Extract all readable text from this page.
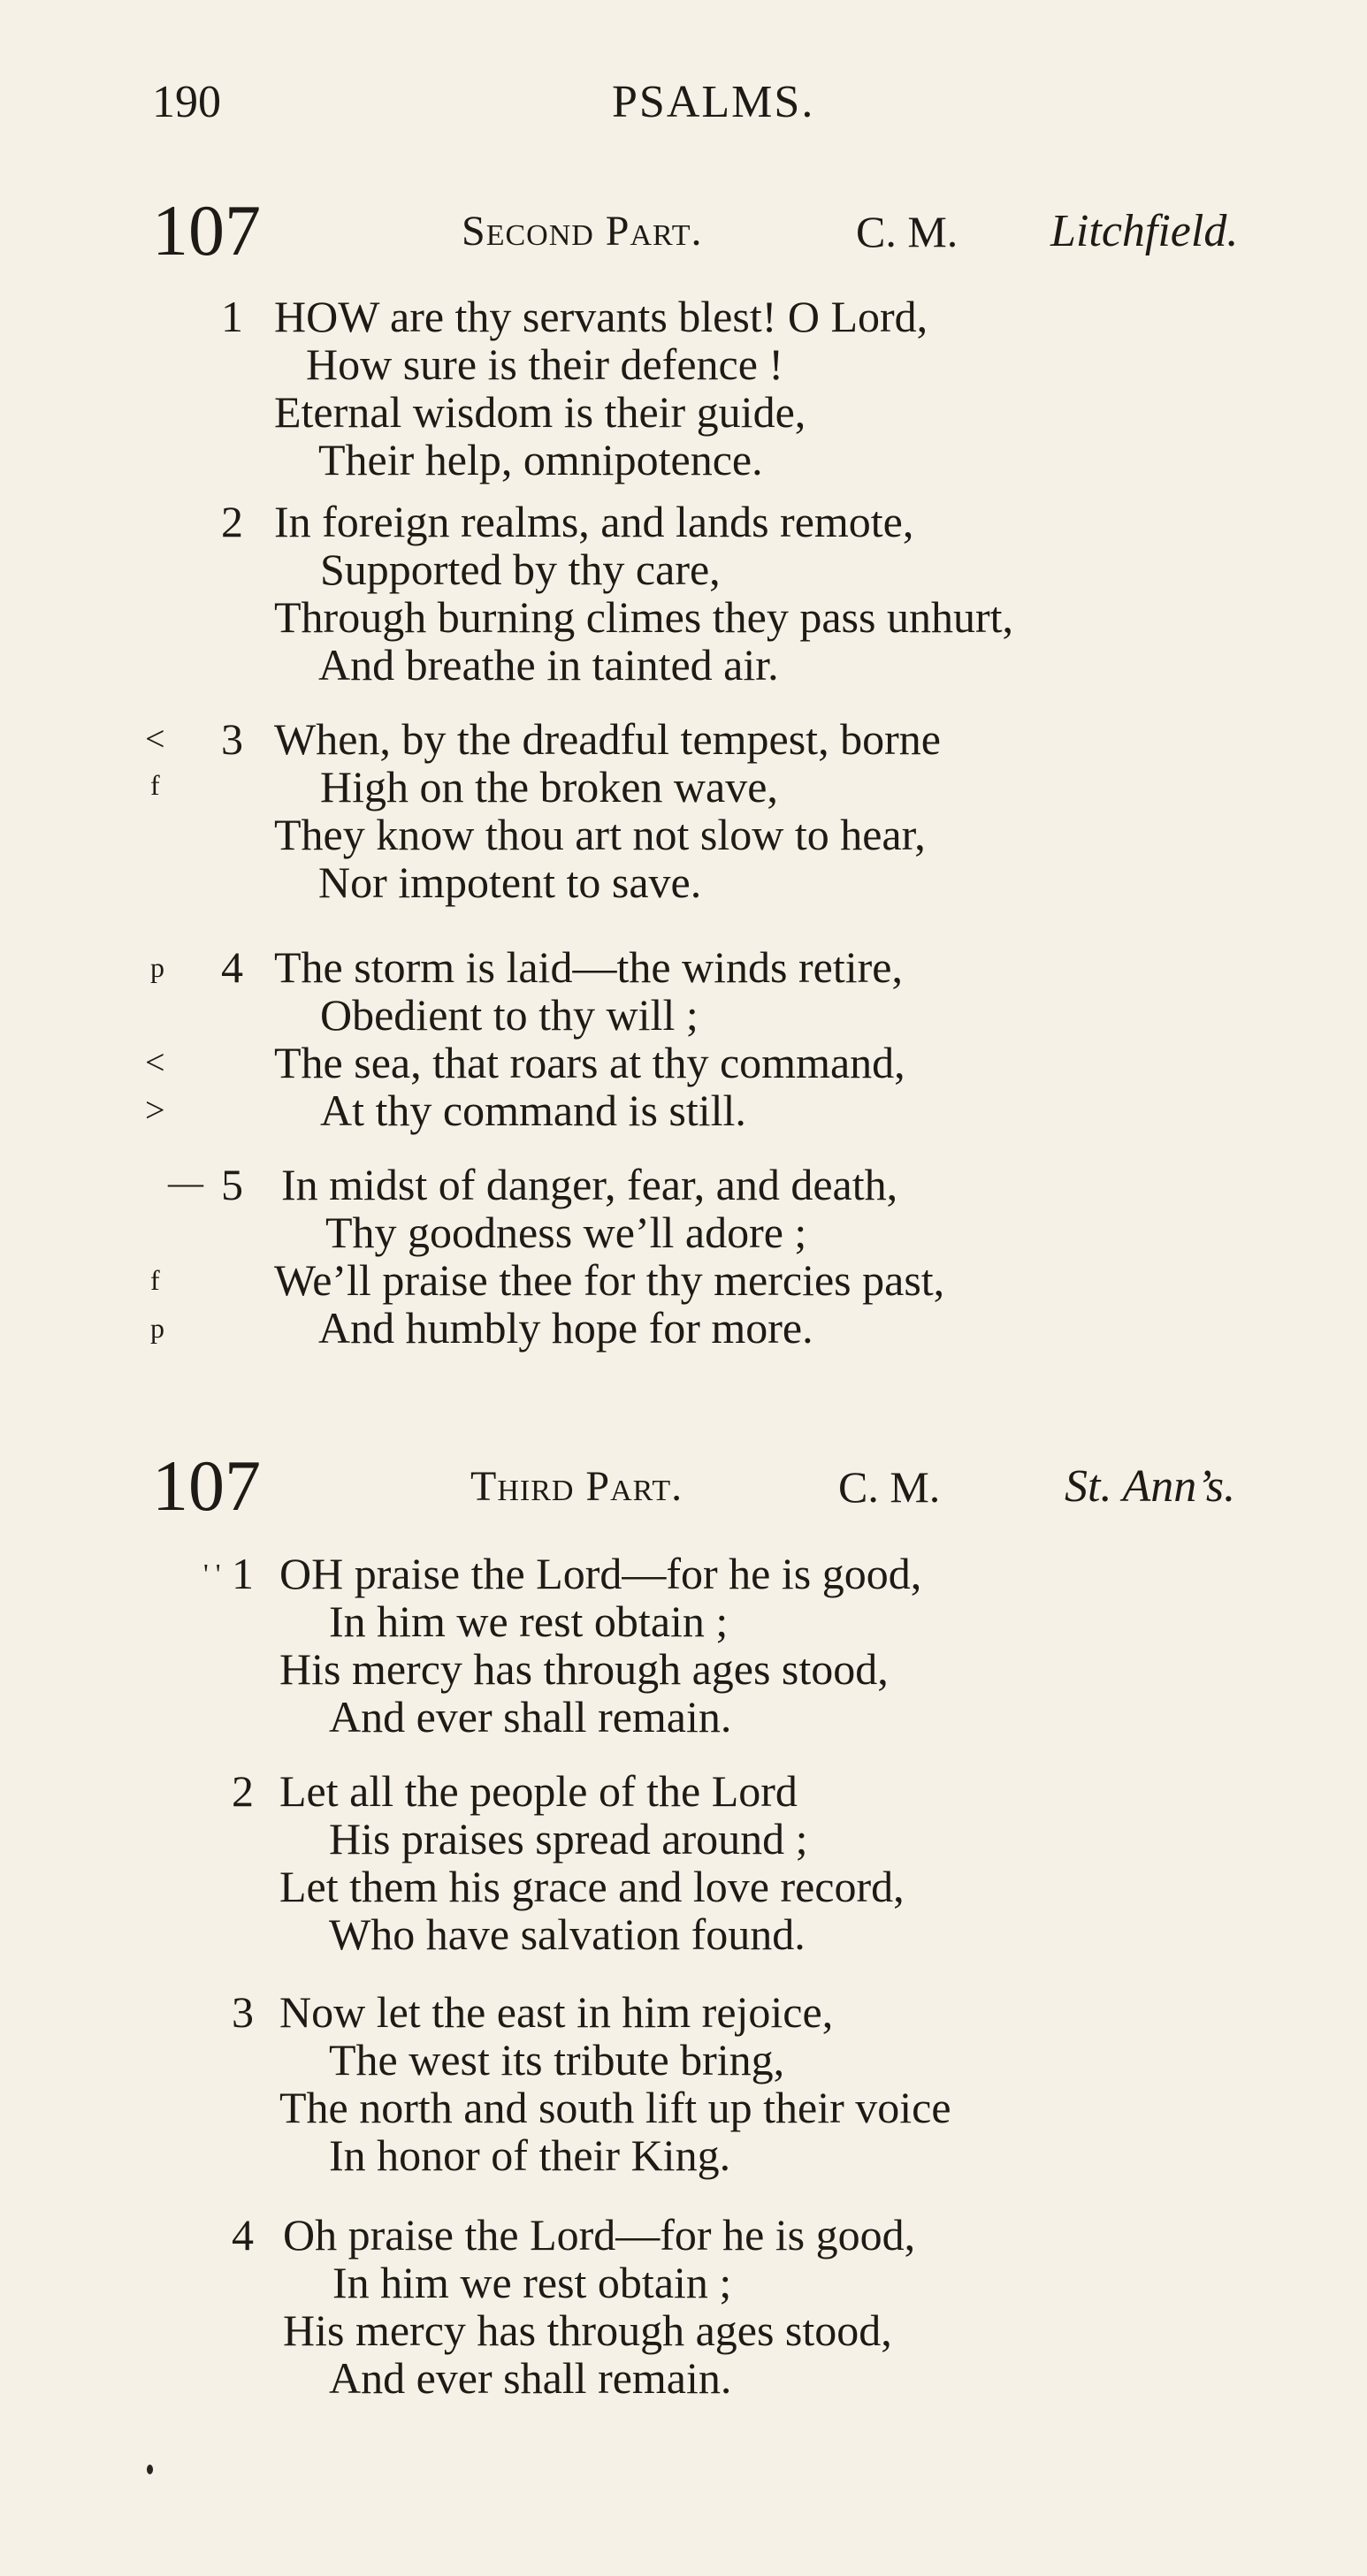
190	PSALMS.
107	Second Part.	C. M. Litchfield.
1 HOW are thy servants blest! O Lord,
How sure is their defence !
Eternal wisdom is their guide,
Their help, omnipotence.
2 In foreign realms, and lands remote,
Supported by thy care,
Through burning climes they pass unhurt,
And breathe in tainted air.
<
f
3 When, by the dreadful tempest, borne
High on the broken wave,
They know thou art not slow to hear,
Nor impotent to save.
p
<
>
4 The storm is laid—the winds retire,
Obedient to thy will ;
The sea, that roars at thy command,
At thy command is still.
—
f
p
5 In midst of danger, fear, and death,
Thy goodness we’ll adore ;
We’ll praise thee for thy mercies past,
And humbly hope for more.
107	Third Part.	C. M.	St. Ann’s.
' ' 1 OH praise the Lord—for he is good,
In him we rest obtain ;
His mercy has through ages stood,
And ever shall remain.
2 Let all the people of the Lord
His praises spread around ;
Let them his grace and love record,
Who have salvation found.
3 Now let the east in him rejoice,
The west its tribute bring,
The north and south lift up their voice
In honor of their King.
4 Oh praise the Lord—for he is good,
In him we rest obtain ;
His mercy has through ages stood,
And ever shall remain.
